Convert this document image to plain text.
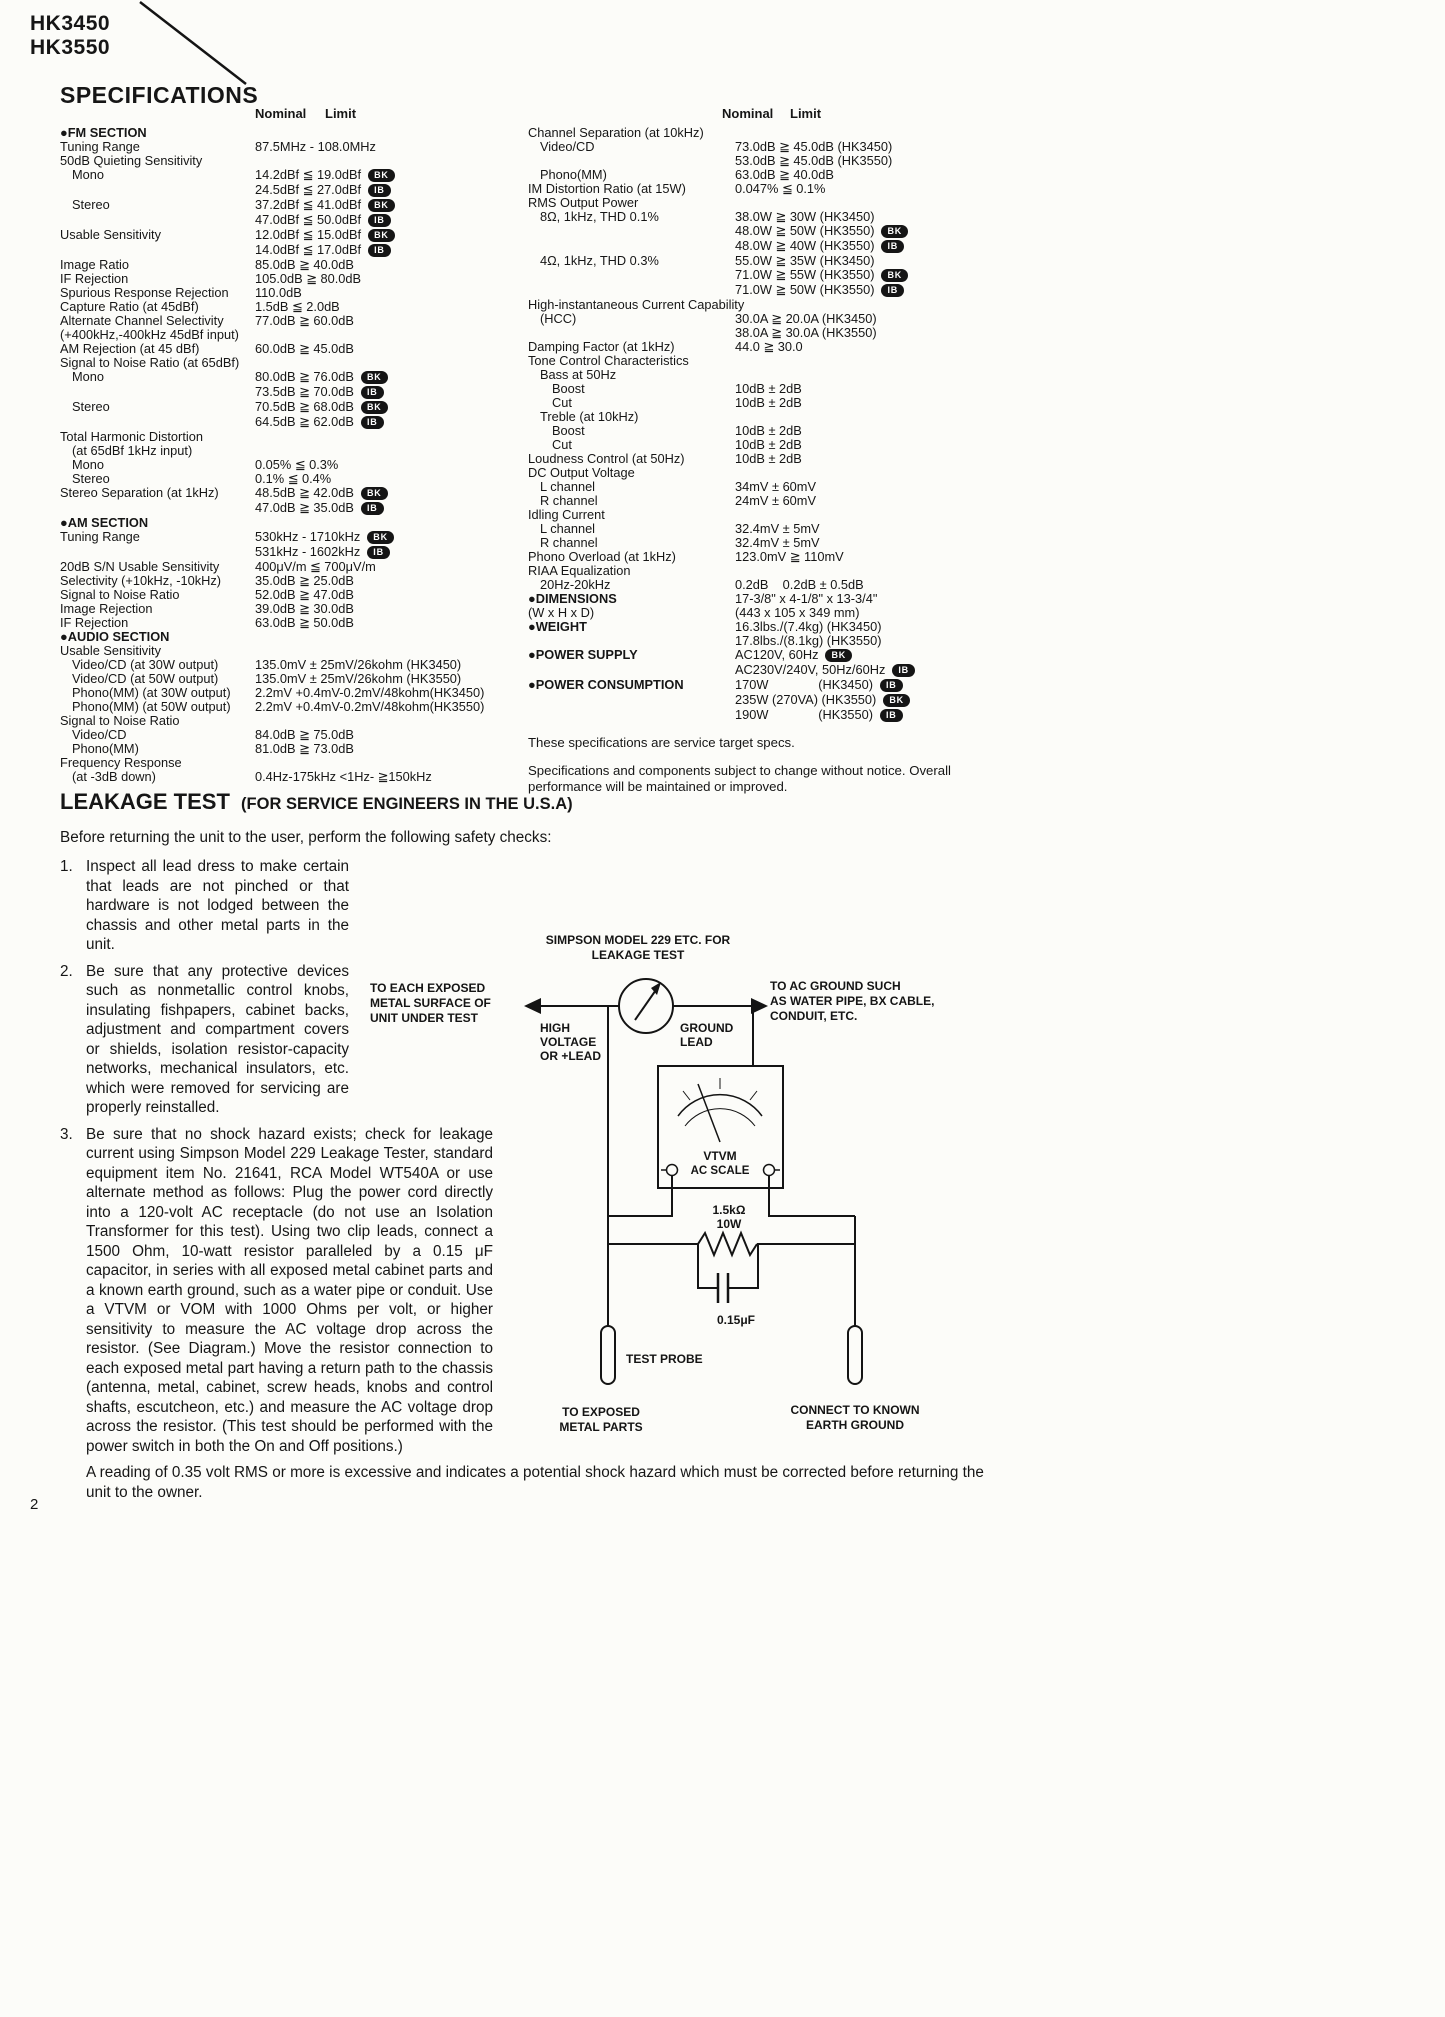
HK3450
HK3550
SPECIFICATIONS
Nominal Limit
●FM SECTION
Tuning Range	87.5MHz - 108.0MHz
50dB Quieting Sensitivity
Mono	14.2dBf ≦ 19.0dBf	BK
24.5dBf ≦ 27.0dBf	IB
Stereo	37.2dBf ≦ 41.0dBf	BK
47.0dBf ≦ 50.0dBf	IB
Usable Sensitivity	12.0dBf ≦ 15.0dBf	BK
14.0dBf ≦ 17.0dBf	IB
Image Ratio	85.0dB ≧ 40.0dB
IF Rejection	105.0dB ≧ 80.0dB
Spurious Response Rejection	110.0dB
Capture Ratio (at 45dBf)	1.5dB ≦ 2.0dB
Alternate Channel Selectivity	77.0dB ≧ 60.0dB
(+400kHz,-400kHz 45dBf input)
AM Rejection (at 45 dBf)	60.0dB ≧ 45.0dB
Signal to Noise Ratio (at 65dBf)
Mono	80.0dB ≧ 76.0dB	BK
73.5dB ≧ 70.0dB	IB
Stereo	70.5dB ≧ 68.0dB	BK
64.5dB ≧ 62.0dB	IB
Total Harmonic Distortion
(at 65dBf 1kHz input)
Mono	0.05% ≦ 0.3%
Stereo	0.1% ≦ 0.4%
Stereo Separation (at 1kHz)	48.5dB ≧ 42.0dB	BK
47.0dB ≧ 35.0dB	IB
●AM SECTION
Tuning Range	530kHz - 1710kHz	BK
531kHz - 1602kHz	IB
20dB S/N Usable Sensitivity	400μV/m ≦ 700μV/m
Selectivity (+10kHz, -10kHz)	35.0dB ≧ 25.0dB
Signal to Noise Ratio	52.0dB ≧ 47.0dB
Image Rejection	39.0dB ≧ 30.0dB
IF Rejection	63.0dB ≧ 50.0dB
●AUDIO SECTION
Usable Sensitivity
Video/CD (at 30W output)	135.0mV ± 25mV/26kohm (HK3450)
Video/CD (at 50W output)	135.0mV ± 25mV/26kohm (HK3550)
Phono(MM) (at 30W output)	2.2mV +0.4mV-0.2mV/48kohm(HK3450)
Phono(MM) (at 50W output)	2.2mV +0.4mV-0.2mV/48kohm(HK3550)
Signal to Noise Ratio
Video/CD	84.0dB ≧ 75.0dB
Phono(MM)	81.0dB ≧ 73.0dB
Frequency Response
(at -3dB down)	0.4Hz-175kHz <1Hz- ≧150kHz
Nominal Limit
Channel Separation (at 10kHz)
Video/CD	73.0dB ≧ 45.0dB (HK3450)
53.0dB ≧ 45.0dB (HK3550)
Phono(MM)	63.0dB ≧ 40.0dB
IM Distortion Ratio (at 15W)	0.047% ≦ 0.1%
RMS Output Power
8Ω, 1kHz, THD 0.1%	38.0W ≧ 30W (HK3450)
48.0W ≧ 50W (HK3550)	BK
48.0W ≧ 40W (HK3550)	IB
4Ω, 1kHz, THD 0.3%	55.0W ≧ 35W (HK3450)
71.0W ≧ 55W (HK3550)	BK
71.0W ≧ 50W (HK3550)	IB
High-instantaneous Current Capability
(HCC)	30.0A ≧ 20.0A (HK3450)
38.0A ≧ 30.0A (HK3550)
Damping Factor (at 1kHz)	44.0 ≧ 30.0
Tone Control Characteristics
Bass at 50Hz
Boost	10dB ± 2dB
Cut	10dB ± 2dB
Treble (at 10kHz)
Boost	10dB ± 2dB
Cut	10dB ± 2dB
Loudness Control (at 50Hz)	10dB ± 2dB
DC Output Voltage
L channel	34mV ± 60mV
R channel	24mV ± 60mV
Idling Current
L channel	32.4mV ± 5mV
R channel	32.4mV ± 5mV
Phono Overload (at 1kHz)	123.0mV ≧ 110mV
RIAA Equalization
20Hz-20kHz	0.2dB    0.2dB ± 0.5dB
●DIMENSIONS	17-3/8" x 4-1/8" x 13-3/4"
(W x H x D)	(443 x 105 x 349 mm)
●WEIGHT	16.3lbs./(7.4kg) (HK3450)
17.8lbs./(8.1kg) (HK3550)
●POWER SUPPLY	AC120V, 60Hz	BK
AC230V/240V, 50Hz/60Hz	IB
●POWER CONSUMPTION	170W              (HK3450)	IB
235W (270VA) (HK3550)	BK
190W              (HK3550)	IB
These specifications are service target specs.
Specifications and components subject to change without notice. Overall performance will be maintained or improved.
LEAKAGE TEST (FOR SERVICE ENGINEERS IN THE U.S.A)

Before returning the unit to the user, perform the following safety checks:

1. Inspect all lead dress to make certain that leads are not pinched or that hardware is not lodged between the chassis and other metal parts in the unit.
2. Be sure that any protective devices such as nonmetallic control knobs, insulating fishpapers, cabinet backs, adjustment and compartment covers or shields, isolation resistor-capacity networks, mechanical insulators, etc. which were removed for servicing are properly reinstalled.
3. Be sure that no shock hazard exists; check for leakage current using Simpson Model 229 Leakage Tester, standard equipment item No. 21641, RCA Model WT540A or use alternate method as follows: Plug the power cord directly into a 120-volt AC receptacle (do not use an Isolation Transformer for this test). Using two clip leads, connect a 1500 Ohm, 10-watt resistor paralleled by a 0.15 μF capacitor, in series with all exposed metal cabinet parts and a known earth ground, such as a water pipe or conduit. Use a VTVM or VOM with 1000 Ohms per volt, or higher sensitivity to measure the AC voltage drop across the resistor. (See Diagram.) Move the resistor connection to each exposed metal part having a return path to the chassis (antenna, metal, cabinet, screw heads, knobs and control shafts, escutcheon, etc.) and measure the AC voltage drop across the resistor. (This test should be performed with the power switch in both the On and Off positions.)

A reading of 0.35 volt RMS or more is excessive and indicates a potential shock hazard which must be corrected before returning the unit to the owner.

2
SIMPSON MODEL 229 ETC. FOR
LEAKAGE TEST
TO EACH EXPOSED
METAL SURFACE OF
UNIT UNDER TEST
HIGH
VOLTAGE
OR +LEAD
GROUND
LEAD
TO AC GROUND SUCH
AS WATER PIPE, BX CABLE,
CONDUIT, ETC.
VTVM
AC SCALE
1.5kΩ
10W
0.15μF
TEST PROBE
TO EXPOSED
METAL PARTS
CONNECT TO KNOWN
EARTH GROUND
